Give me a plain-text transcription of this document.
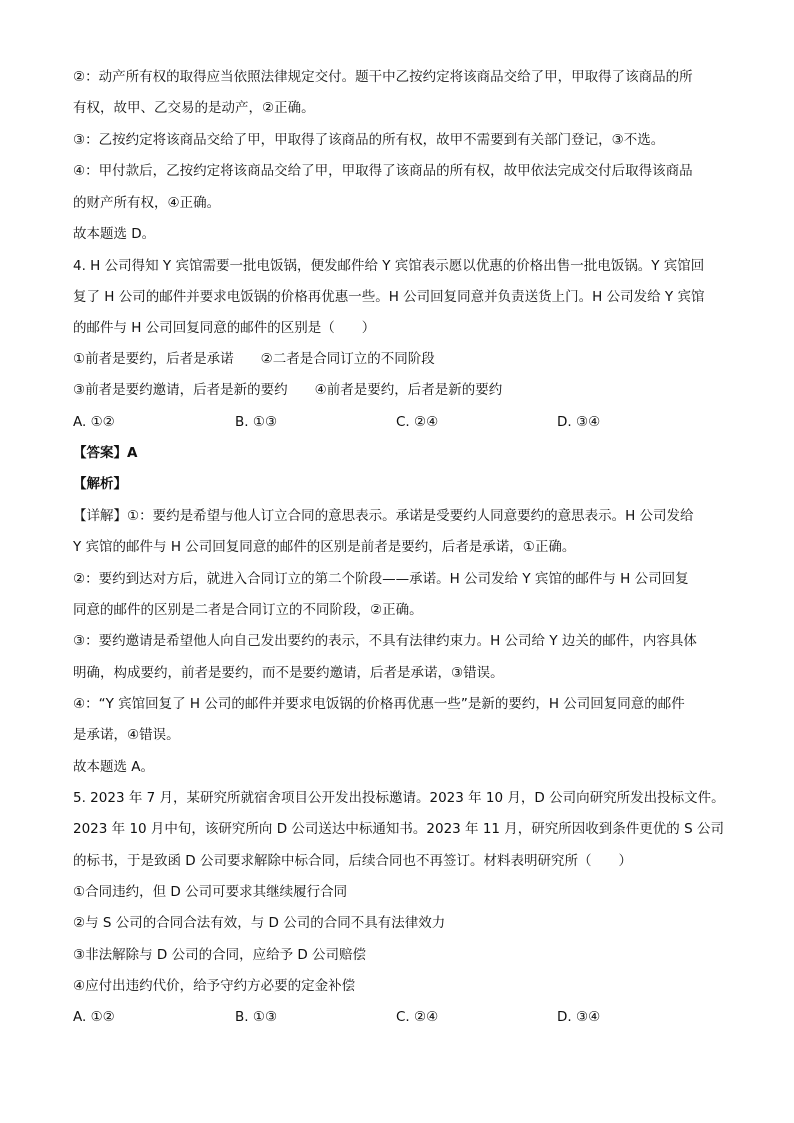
②：动产所有权的取得应当依照法律规定交付。题干中乙按约定将该商品交给了甲，甲取得了该商品的所
有权，故甲、乙交易的是动产，②正确。
③：乙按约定将该商品交给了甲，甲取得了该商品的所有权，故甲不需要到有关部门登记，③不选。
④：甲付款后，乙按约定将该商品交给了甲，甲取得了该商品的所有权，故甲依法完成交付后取得该商品
的财产所有权，④正确。
故本题选 D。
4. H 公司得知 Y 宾馆需要一批电饭锅，便发邮件给 Y 宾馆表示愿以优惠的价格出售一批电饭锅。Y 宾馆回
复了 H 公司的邮件并要求电饭锅的价格再优惠一些。H 公司回复同意并负责送货上门。H 公司发给 Y 宾馆
的邮件与 H 公司回复同意的邮件的区别是（　　）
①前者是要约，后者是承诺　　②二者是合同订立的不同阶段
③前者是要约邀请，后者是新的要约　　④前者是要约，后者是新的要约
A. ①②	B. ①③	C. ②④	D. ③④
【答案】A
【解析】
【详解】①：要约是希望与他人订立合同的意思表示。承诺是受要约人同意要约的意思表示。H 公司发给
Y 宾馆的邮件与 H 公司回复同意的邮件的区别是前者是要约，后者是承诺，①正确。
②：要约到达对方后，就进入合同订立的第二个阶段——承诺。H 公司发给 Y 宾馆的邮件与 H 公司回复
同意的邮件的区别是二者是合同订立的不同阶段，②正确。
③：要约邀请是希望他人向自己发出要约的表示，不具有法律约束力。H 公司给 Y 边关的邮件，内容具体
明确，构成要约，前者是要约，而不是要约邀请，后者是承诺，③错误。
④：“Y 宾馆回复了 H 公司的邮件并要求电饭锅的价格再优惠一些”是新的要约，H 公司回复同意的邮件
是承诺，④错误。
故本题选 A。
5. 2023 年 7 月，某研究所就宿舍项目公开发出投标邀请。2023 年 10 月，D 公司向研究所发出投标文件。
2023 年 10 月中旬，该研究所向 D 公司送达中标通知书。2023 年 11 月，研究所因收到条件更优的 S 公司
的标书，于是致函 D 公司要求解除中标合同，后续合同也不再签订。材料表明研究所（　　）
①合同违约，但 D 公司可要求其继续履行合同
②与 S 公司的合同合法有效，与 D 公司的合同不具有法律效力
③非法解除与 D 公司的合同，应给予 D 公司赔偿
④应付出违约代价，给予守约方必要的定金补偿
A. ①②	B. ①③	C. ②④	D. ③④
